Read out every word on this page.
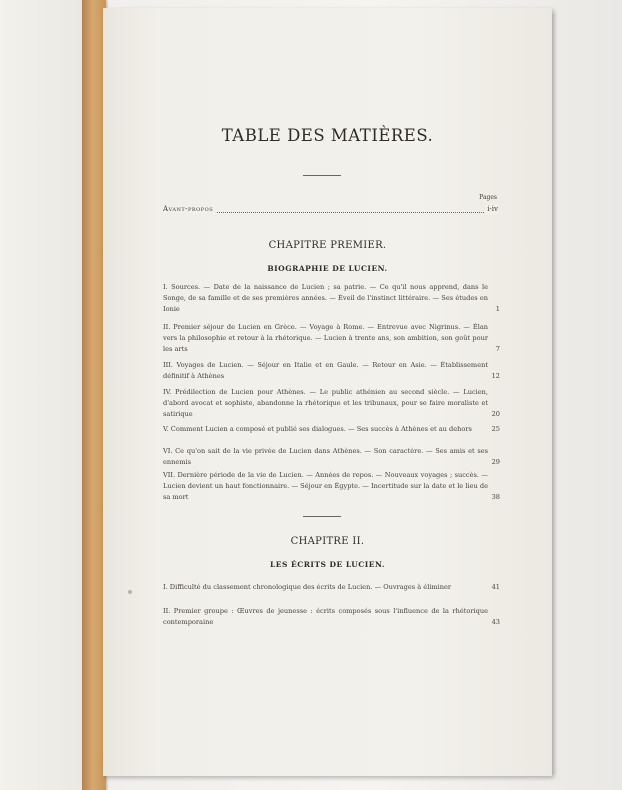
TABLE DES MATIÈRES.
Pages
Avant-propos	i-iv
CHAPITRE PREMIER.
BIOGRAPHIE DE LUCIEN.
I. Sources. — Date de la naissance de Lucien ; sa patrie. — Ce qu'il nous apprend, dans le Songe, de sa famille et de ses premières années. — Éveil de l'instinct littéraire. — Ses études en Ionie	1
II. Premier séjour de Lucien en Grèce. — Voyage à Rome. — Entrevue avec Nigrinus. — Élan vers la philosophie et retour à la rhétorique. — Lucien à trente ans, son ambition, son goût pour les arts	7
III. Voyages de Lucien. — Séjour en Italie et en Gaule. — Retour en Asie. — Établissement définitif à Athènes	12
IV. Prédilection de Lucien pour Athènes. — Le public athénien au second siècle. — Lucien, d'abord avocat et sophiste, abandonne la rhétorique et les tribunaux, pour se faire moraliste et satirique	20
V. Comment Lucien a composé et publié ses dialogues. — Ses succès à Athènes et au dehors	25
VI. Ce qu'on sait de la vie privée de Lucien dans Athènes. — Son caractère. — Ses amis et ses ennemis	29
VII. Dernière période de la vie de Lucien. — Années de repos. — Nouveaux voyages ; succès. — Lucien devient un haut fonctionnaire. — Séjour en Égypte. — Incertitude sur la date et le lieu de sa mort	38
CHAPITRE II.
LES ÉCRITS DE LUCIEN.
I. Difficulté du classement chronologique des écrits de Lucien. — Ouvrages à éliminer	41
II. Premier groupe : Œuvres de jeunesse : écrits composés sous l'influence de la rhétorique contemporaine	43
